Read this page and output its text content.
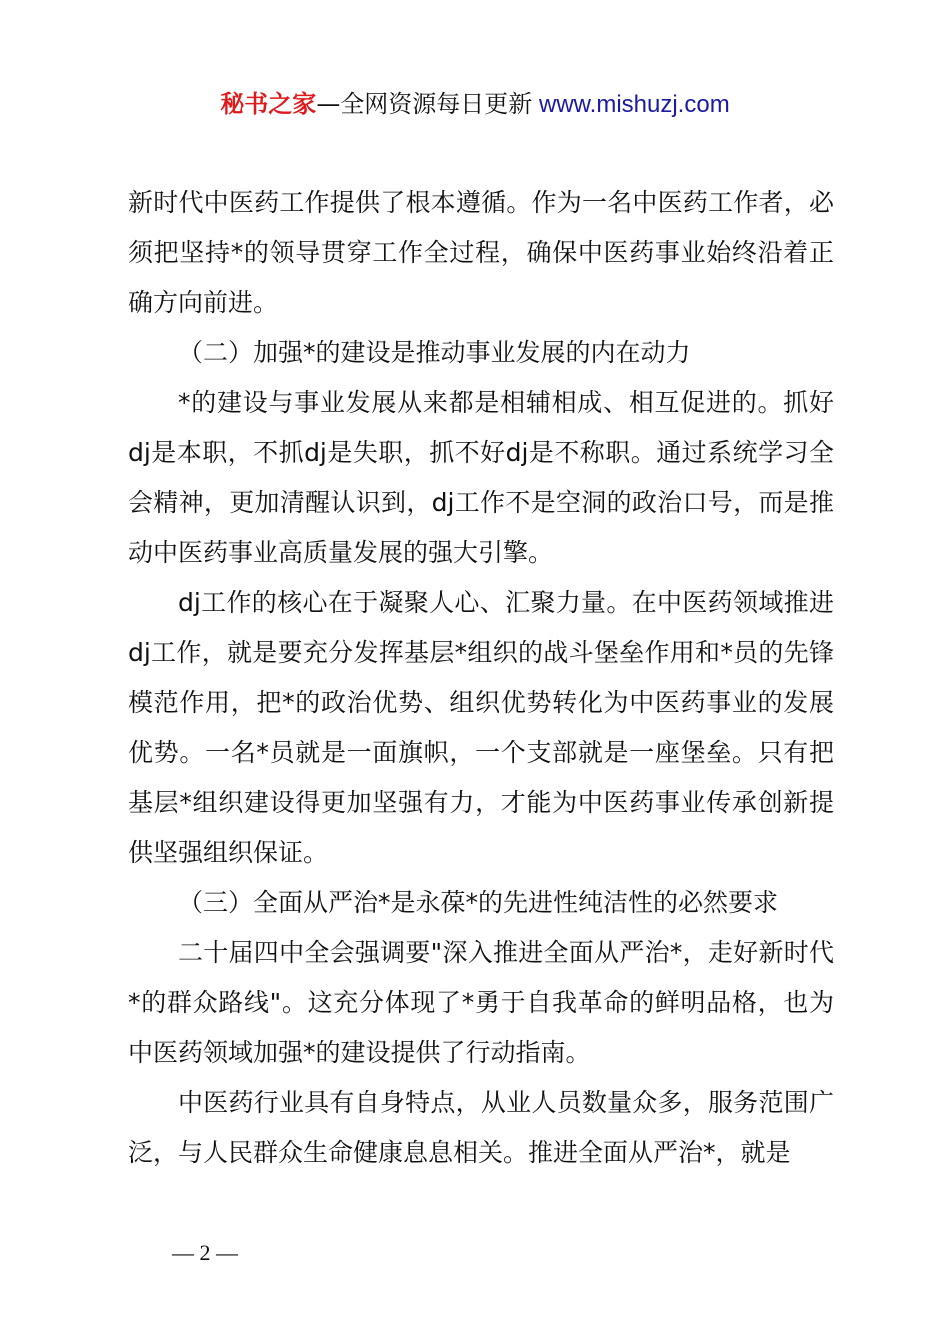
秘书之家—全网资源每日更新 www.mishuzj.com

新时代中医药工作提供了根本遵循。作为一名中医药工作者，必须把坚持*的领导贯穿工作全过程，确保中医药事业始终沿着正确方向前进。

（二）加强*的建设是推动事业发展的内在动力

*的建设与事业发展从来都是相辅相成、相互促进的。抓好dj是本职，不抓dj是失职，抓不好dj是不称职。通过系统学习全会精神，更加清醒认识到，dj工作不是空洞的政治口号，而是推动中医药事业高质量发展的强大引擎。

dj工作的核心在于凝聚人心、汇聚力量。在中医药领域推进dj工作，就是要充分发挥基层*组织的战斗堡垒作用和*员的先锋模范作用，把*的政治优势、组织优势转化为中医药事业的发展优势。一名*员就是一面旗帜，一个支部就是一座堡垒。只有把基层*组织建设得更加坚强有力，才能为中医药事业传承创新提供坚强组织保证。

（三）全面从严治*是永葆*的先进性纯洁性的必然要求

二十届四中全会强调要"深入推进全面从严治*，走好新时代*的群众路线"。这充分体现了*勇于自我革命的鲜明品格，也为中医药领域加强*的建设提供了行动指南。

中医药行业具有自身特点，从业人员数量众多，服务范围广泛，与人民群众生命健康息息相关。推进全面从严治*，就是

— 2 —
